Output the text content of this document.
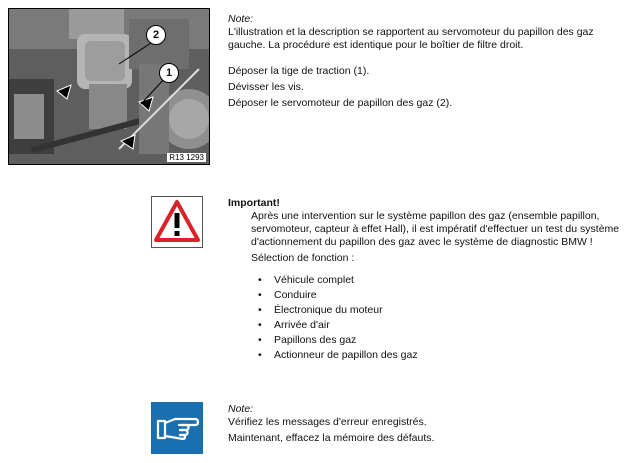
2
1
R13 1293

Note:

L'illustration et la description se rapportent au servomoteur du papillon des gaz gauche. La procédure est identique pour le boîtier de filtre droit.

Déposer la tige de traction (1).

Dévisser les vis.

Déposer le servomoteur de papillon des gaz (2).

Important!

Après une intervention sur le système papillon des gaz (ensemble papillon, servomoteur, capteur à effet Hall), il est impératif d'effectuer un test du système d'actionnement du papillon des gaz avec le système de diagnostic BMW !

Sélection de fonction :

• Véhicule complet
• Conduire
• Électronique du moteur
• Arrivée d'air
• Papillons des gaz
• Actionneur de papillon des gaz

Note:

Vérifiez les messages d'erreur enregistrés.

Maintenant, effacez la mémoire des défauts.
